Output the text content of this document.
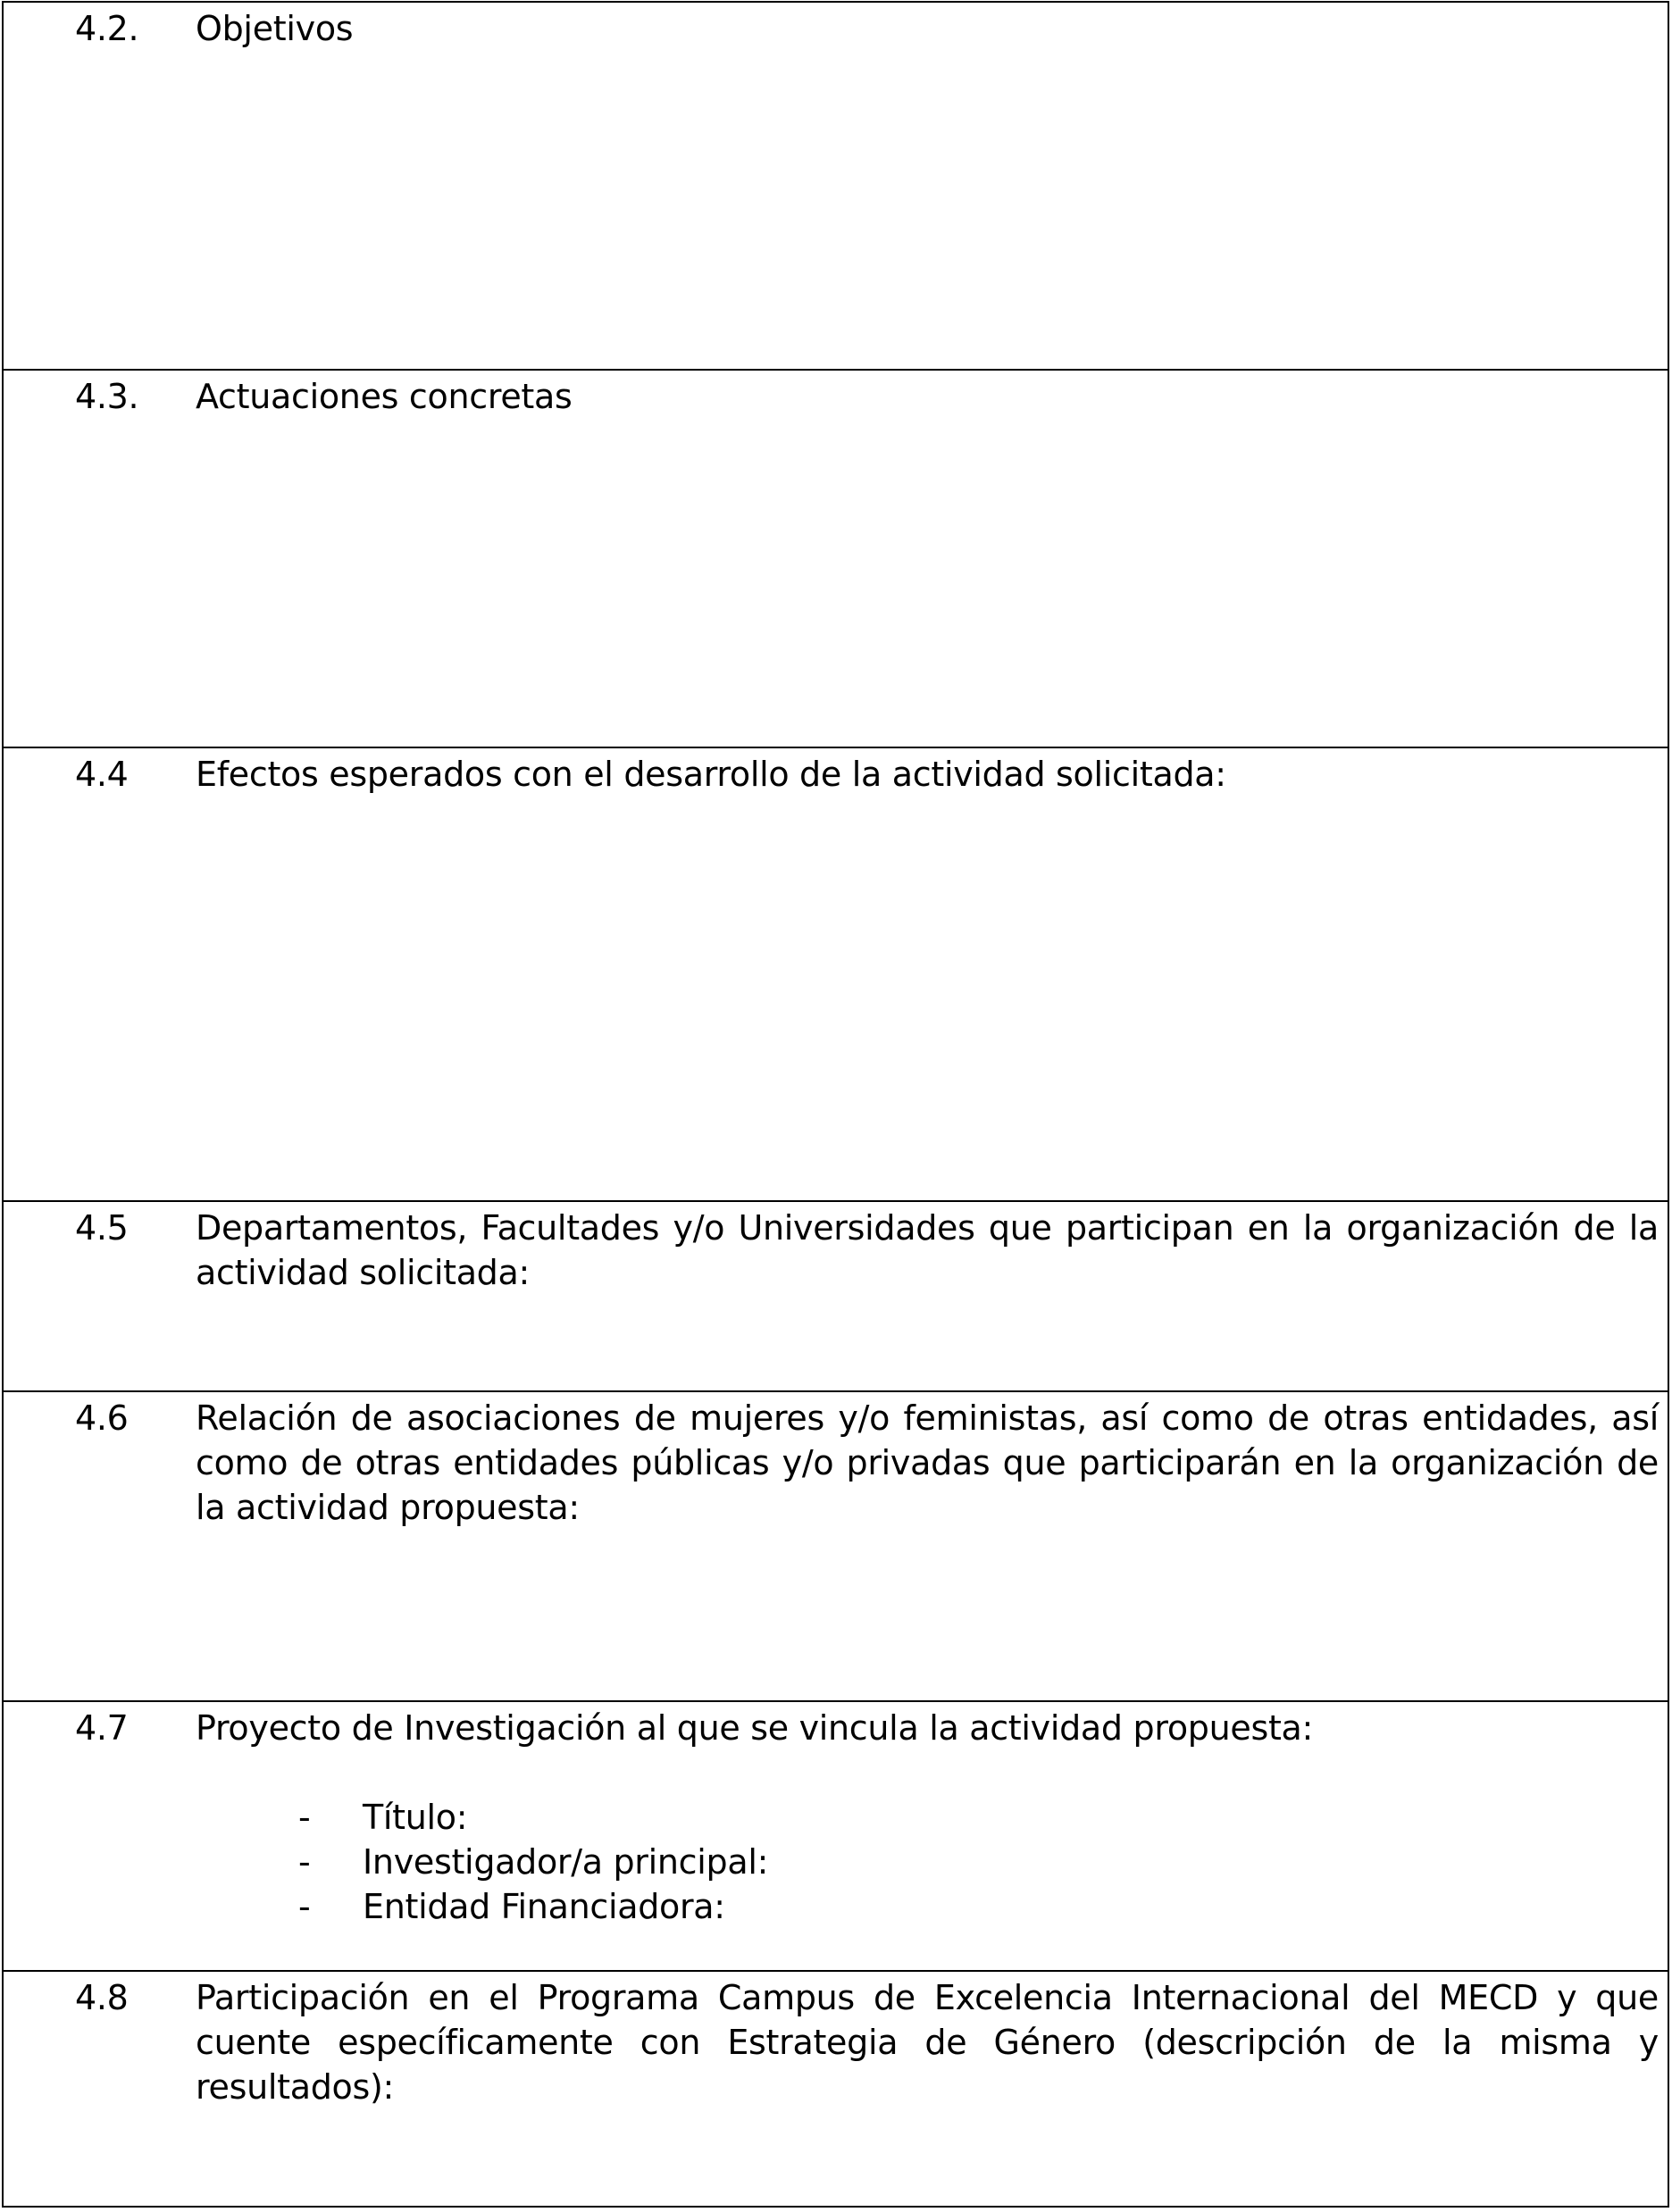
4.2. Objetivos
4.3. Actuaciones concretas
4.4 Efectos esperados con el desarrollo de la actividad solicitada:
4.5 Departamentos, Facultades y/o Universidades que participan en la organización de la actividad solicitada:
4.6 Relación de asociaciones de mujeres y/o feministas, así como de otras entidades, así como de otras entidades públicas y/o privadas que participarán en la organización de la actividad propuesta:
4.7 Proyecto de Investigación al que se vincula la actividad propuesta:
- Título:
- Investigador/a principal:
- Entidad Financiadora:
4.8 Participación en el Programa Campus de Excelencia Internacional del MECD y que cuente específicamente con Estrategia de Género (descripción de la misma y resultados):
